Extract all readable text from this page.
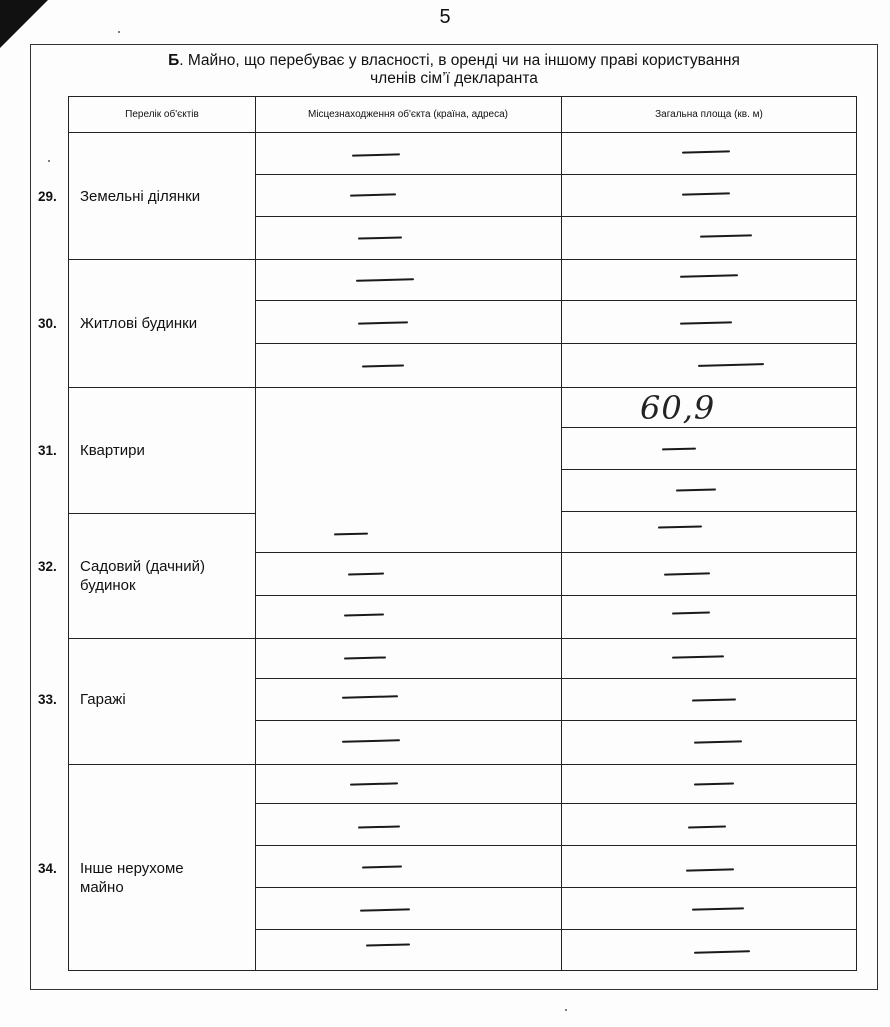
5
Б. Майно, що перебуває у власності, в оренді чи на іншому праві користування
членів сім’ї декларанта
Перелік об'єктів	Місцезнаходження об'єкта (країна, адреса)	Загальна площа (кв. м)
29. Земельні ділянки
30. Житлові будинки
31. Квартири
32. Садовий (дачний) будинок
33. Гаражі
34. Інше нерухоме майно
60,9
